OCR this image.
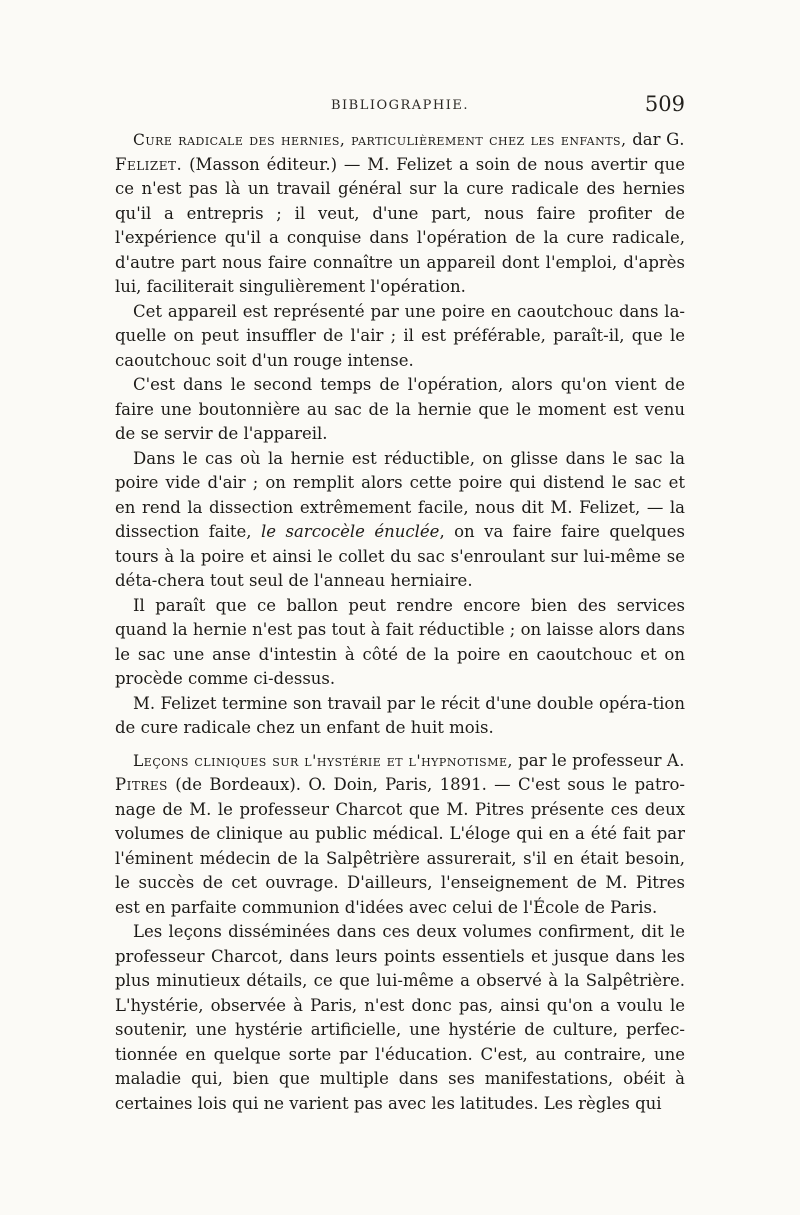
BIBLIOGRAPHIE.	509

Cure radicale des hernies, particulièrement chez les enfants, dar G. Felizet. (Masson éditeur.) — M. Felizet a soin de nous avertir que ce n'est pas là un travail général sur la cure radicale des hernies qu'il a entrepris ; il veut, d'une part, nous faire profiter de l'expérience qu'il a conquise dans l'opération de la cure radicale, d'autre part nous faire connaître un appareil dont l'emploi, d'après lui, faciliterait singulièrement l'opération.

Cet appareil est représenté par une poire en caoutchouc dans la-quelle on peut insuffler de l'air ; il est préférable, paraît-il, que le caoutchouc soit d'un rouge intense.

C'est dans le second temps de l'opération, alors qu'on vient de faire une boutonnière au sac de la hernie que le moment est venu de se servir de l'appareil.

Dans le cas où la hernie est réductible, on glisse dans le sac la poire vide d'air ; on remplit alors cette poire qui distend le sac et en rend la dissection extrêmement facile, nous dit M. Felizet, — la dissection faite, le sarcocèle énuclée, on va faire faire quelques tours à la poire et ainsi le collet du sac s'enroulant sur lui-même se déta-chera tout seul de l'anneau herniaire.

Il paraît que ce ballon peut rendre encore bien des services quand la hernie n'est pas tout à fait réductible ; on laisse alors dans le sac une anse d'intestin à côté de la poire en caoutchouc et on procède comme ci-dessus.

M. Felizet termine son travail par le récit d'une double opéra-tion de cure radicale chez un enfant de huit mois.

Leçons cliniques sur l'hystérie et l'hypnotisme, par le professeur A. Pitres (de Bordeaux). O. Doin, Paris, 1891. — C'est sous le patro-nage de M. le professeur Charcot que M. Pitres présente ces deux volumes de clinique au public médical. L'éloge qui en a été fait par l'éminent médecin de la Salpêtrière assurerait, s'il en était besoin, le succès de cet ouvrage. D'ailleurs, l'enseignement de M. Pitres est en parfaite communion d'idées avec celui de l'École de Paris.

Les leçons disséminées dans ces deux volumes confirment, dit le professeur Charcot, dans leurs points essentiels et jusque dans les plus minutieux détails, ce que lui-même a observé à la Salpêtrière. L'hystérie, observée à Paris, n'est donc pas, ainsi qu'on a voulu le soutenir, une hystérie artificielle, une hystérie de culture, perfec-tionnée en quelque sorte par l'éducation. C'est, au contraire, une maladie qui, bien que multiple dans ses manifestations, obéit à certaines lois qui ne varient pas avec les latitudes. Les règles qui
